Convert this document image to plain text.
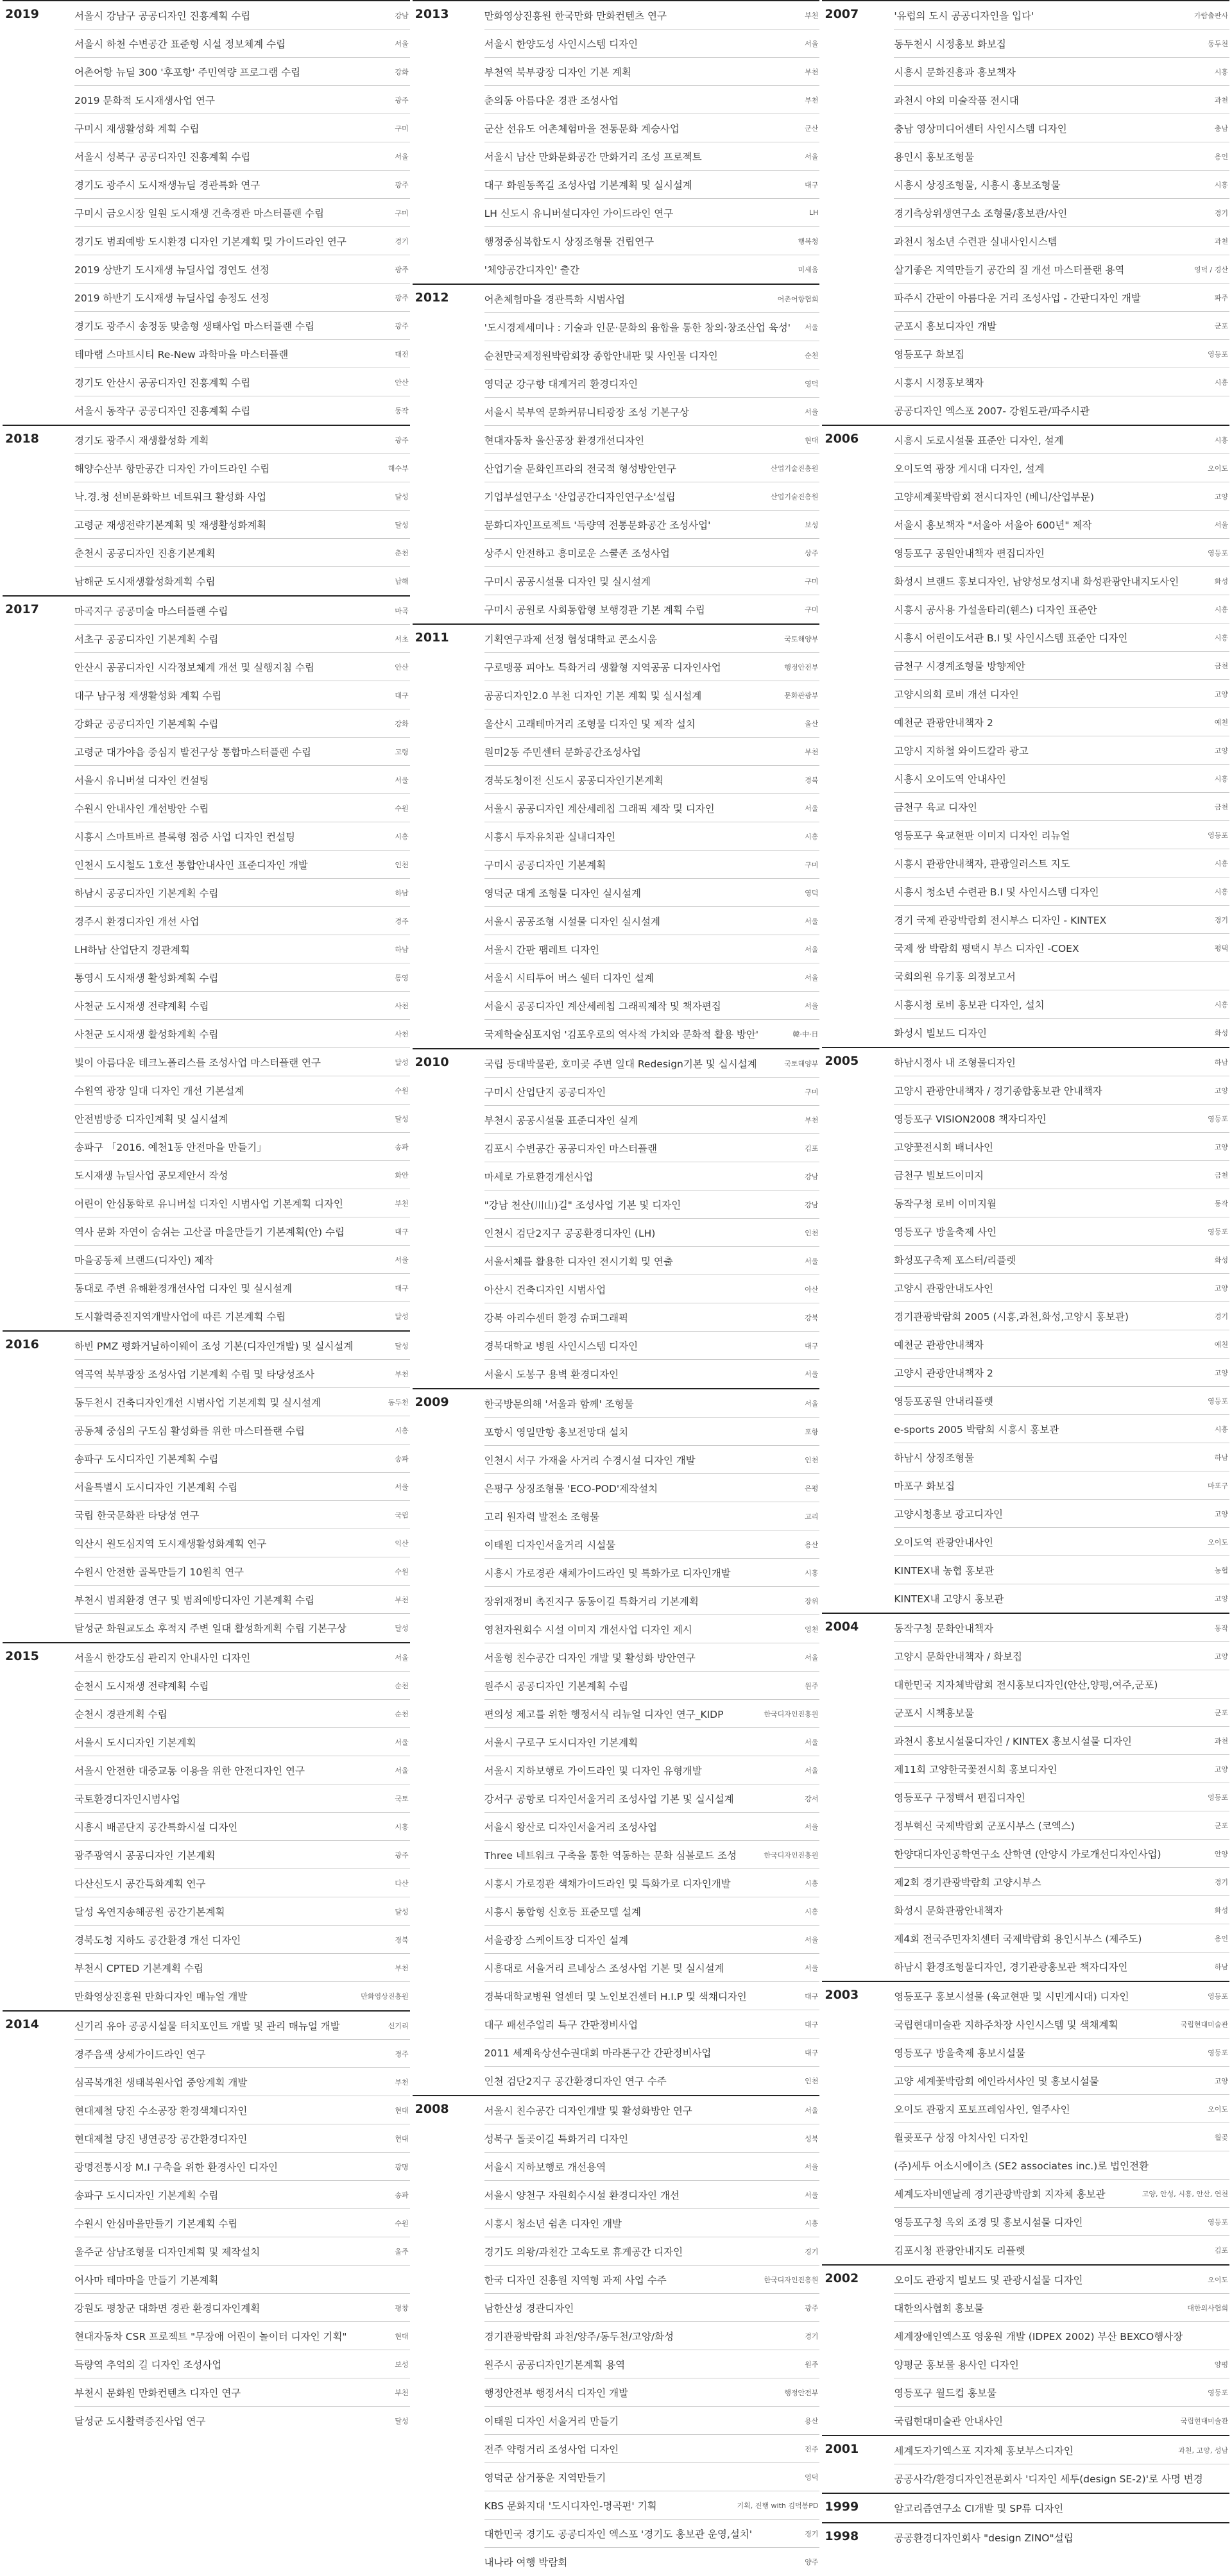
2019	서울시 강남구 공공디자인 진흥계획 수립	강남
서울시 하천 수변공간 표준형 시설 정보체계 수립	서울
어촌어항 뉴딜 300 '후포항' 주민역량 프로그램 수립	강화
2019 문화적 도시재생사업 연구	광주
구미시 재생활성화 계획 수립	구미
서울시 성북구 공공디자인 진흥계획 수립	서울
경기도 광주시 도시재생뉴딜 경관특화 연구	광주
구미시 금오시장 일원 도시재생 건축경관 마스터플랜 수립	구미
경기도 범죄예방 도시환경 디자인 기본계획 및 가이드라인 연구	경기
2019 상반기 도시재생 뉴딜사업 경연도 선정	광주
2019 하반기 도시재생 뉴딜사업 송정도 선정	광주
경기도 광주시 송정동 맞춤형 생태사업 마스터플랜 수립	광주
테마랩 스마트시티 Re-New 과학마을 마스터플랜	대전
경기도 안산시 공공디자인 진흥계획 수립	안산
서울시 동작구 공공디자인 진흥계획 수립	동작
2018	경기도 광주시 재생활성화 계획	광주
해양수산부 항만공간 디자인 가이드라인 수립	해수부
낙.경.청 선비문화학브 네트워크 활성화 사업	달성
고령군 재생전략기본계획 및 재생활성화계획	달성
춘천시 공공디자인 진흥기본계획	춘천
남해군 도시재생활성화계획 수립	남해
2017	마곡지구 공공미술 마스터플랜 수립	마곡
서초구 공공디자인 기본계획 수립	서초
안산시 공공디자인 시각정보체계 개선 및 실행지침 수립	안산
대구 남구청 재생활성화 계획 수립	대구
강화군 공공디자인 기본계획 수립	강화
고령군 대가야읍 중심지 발전구상 통합마스터플랜 수립	고령
서울시 유니버설 디자인 컨설팅	서울
수원시 안내사인 개선방안 수립	수원
시흥시 스마트바르 블록형 점증 사업 디자인 컨설팅	시흥
인천시 도시철도 1호선 통합안내사인 표준디자인 개발	인천
하남시 공공디자인 기본계획 수립	하남
경주시 환경디자인 개선 사업	경주
LH하남 산업단지 경관계획	하남
통영시 도시재생 활성화계획 수립	통영
사천군 도시재생 전략계획 수립	사천
사천군 도시재생 활성화계획 수립	사천
빛이 아름다운 테크노폴리스를 조성사업 마스터플랜 연구	달성
수원역 광장 일대 디자인 개선 기본설계	수원
안전범방중 디자인계획 및 실시설계	달성
송파구 「2016. 예천1동 안전마을 만들기」	송파
도시재생 뉴딜사업 공모제안서 작성	화안
어린이 안심통학로 유니버설 디자인 시범사업 기본계획 디자인	부천
역사 문화 자연이 숨쉬는 고산골 마을만들기 기본계획(안) 수립	대구
마을공동체 브랜드(디자인) 제작	서울
동대로 주변 유해환경개선사업 디자인 및 실시설계	대구
도시활력증진지역개발사업에 따른 기본계획 수립	달성
2016	하빈 PMZ 평화거닐하이웨이 조성 기본(디자인개발) 및 실시설계	달성
역곡역 북부광장 조성사업 기본계획 수립 및 타당성조사	부천
동두천시 건축디자인개선 시범사업 기본계획 및 실시설계	동두천
공동체 중심의 구도심 활성화를 위한 마스터플랜 수립	시흥
송파구 도시디자인 기본계획 수립	송파
서울특별시 도시디자인 기본계획 수립	서울
국립 한국문화관 타당성 연구	국립
익산시 원도심지역 도시재생활성화계획 연구	익산
수원시 안전한 골목만들기 10원칙 연구	수원
부천시 범죄환경 연구 및 범죄예방디자인 기본계획 수립	부천
달성군 화원교도소 후적지 주변 일대 활성화계획 수립 기본구상	달성
2015	서울시 한강도심 관리지 안내사인 디자인	서울
순천시 도시재생 전략계획 수립	순천
순천시 경관계획 수립	순천
서울시 도시디자인 기본계획	서울
서울시 안전한 대중교통 이용을 위한 안전디자인 연구	서울
국토환경디자인시범사업	국토
시흥시 배곧단지 공간특화시설 디자인	시흥
광주광역시 공공디자인 기본계획	광주
다산신도시 공간특화계획 연구	다산
달성 옥연지송해공원 공간기본계획	달성
경북도청 지하도 공간환경 개선 디자인	경북
부천시 CPTED 기본계획 수립	부천
만화영상진흥원 만화디자인 매뉴얼 개발	만화영상진흥원
2014	신기리 유아 공공시설물 터치포인트 개발 및 관리 매뉴얼 개발	신기리
경주음색 상세가이드라인 연구	경주
심곡복개천 생태복원사업 중앙계획 개발	부천
현대제철 당진 수소공장 환경색채디자인	현대
현대제철 당진 냉연공장 공간환경디자인	현대
광명전통시장 M.I 구축을 위한 환경사인 디자인	광명
송파구 도시디자인 기본계획 수립	송파
수원시 안심마을만들기 기본계획 수립	수원
울주군 삼남조형물 디자인계획 및 제작설치	울주
어사마 테마마을 만들기 기본계획
강원도 평창군 대화면 경관 환경디자인계획	평창
현대자동차 CSR 프로젝트 "무장애 어린이 놀이터 디자인 기획"	현대
득량역 추억의 길 디자인 조성사업	보성
부천시 문화원 만화컨텐츠 디자인 연구	부천
달성군 도시활력증진사업 연구	달성
2013	만화영상진흥원 한국만화 만화컨텐츠 연구	부천
서울시 한양도성 사인시스템 디자인	서울
부천역 북부광장 디자인 기본 계획	부천
춘의동 아름다운 경관 조성사업	부천
군산 선유도 어촌체험마을 전통문화 계승사업	군산
서울시 남산 만화문화공간 만화거리 조성 프로젝트	서울
대구 화원동쪽길 조성사업 기본계획 및 실시설계	대구
LH 신도시 유니버셜디자인 가이드라인 연구	LH
행정중심복합도시 상징조형물 건립연구	행복청
'체양공간디자인' 출간	미세움
2012	어촌체험마을 경관특화 시범사업	어촌어항협회
'도시경제세미나 : 기술과 인문·문화의 융합을 통한 창의·창조산업 육성'	서울
순천만국제정원박람회장 종합안내판 및 사인물 디자인	순천
영덕군 강구항 대게거리 환경디자인	영덕
서울시 북부역 문화커뮤니티광장 조성 기본구상	서울
현대자동차 울산공장 환경개선디자인	현대
산업기술 문화인프라의 전국적 형성방안연구	산업기술진흥원
기업부설연구소 '산업공간디자인연구소'설립	산업기술진흥원
문화디자인프로젝트 '득량역 전통문화공간 조성사업'	보성
상주시 안전하고 흥미로운 스쿨존 조성사업	상주
구미시 공공시설물 디자인 및 실시설계	구미
구미시 공원로 사회통합형 보행경관 기본 계획 수립	구미
2011	기획연구과제 선정 협성대학교 콘소시움	국토해양부
구로맹풍 피아노 특화거리 생활형 지역공공 디자인사업	행정안전부
공공디자인2.0 부천 디자인 기본 계획 및 실시설계	문화관광부
울산시 고래테마거리 조형물 디자인 및 제작 설치	울산
원미2동 주민센터 문화공간조성사업	부천
경북도청이전 신도시 공공디자인기본계획	경북
서울시 공공디자인 계산세레칩 그래픽 제작 및 디자인	서울
시흥시 투자유치관 실내디자인	시흥
구미시 공공디자인 기본계획	구미
영덕군 대게 조형물 디자인 실시설계	영덕
서울시 공공조형 시설물 디자인 실시설계	서울
서울시 간판 팸레트 디자인	서울
서울시 시티투어 버스 쉘터 디자인 설계	서울
서울시 공공디자인 계산세레칩 그래픽제작 및 책자편집	서울
국제학술심포지엄 '김포우로의 역사적 가치와 문화적 활용 방안'	韓·中·日
2010	국립 등대박물관, 호미곶 주변 일대 Redesign기본 및 실시설계	국토해양부
구미시 산업단지 공공디자인	구미
부천시 공공시설물 표준디자인 실계	부천
김포시 수변공간 공공디자인 마스터플랜	김포
마세로 가로환경개선사업	강남
"강남 천산(川山)길" 조성사업 기본 및 디자인	강남
인천시 검단2지구 공공환경디자인 (LH)	인천
서울서체를 활용한 디자인 전시기획 및 연출	서울
아산시 건축디자인 시범사업	아산
강북 아리수센터 환경 슈퍼그래픽	강북
경북대학교 병원 사인시스템 디자인	대구
서울시 도봉구 용벽 환경디자인	서울
2009	한국방문의해 '서울과 함께' 조형물	서울
포항시 영일만항 홍보전망대 설치	포항
인천시 서구 가재울 사거리 수경시설 디자인 개발	인천
은평구 상징조형물 'ECO-POD'제작설치	은평
고리 원자력 발전소 조형물	고리
이태원 디자인서울거리 시설물	용산
시흥시 가로경관 새체가이드라인 및 특화가로 디자인개발	시흥
장위재정비 촉진지구 동동이길 특화거리 기본계획	장위
영천자원회수 시설 이미지 개선사업 디자인 제시	영천
서울형 친수공간 디자인 개발 및 활성화 방안연구	서울
원주시 공공디자인 기본계획 수립	원주
편의성 제고를 위한 행정서식 리뉴얼 디자인 연구_KIDP	한국디자인진흥원
서울시 구로구 도시디자인 기본계획	서울
서울시 지하보행로 가이드라인 및 디자인 유형개발	서울
강서구 공항로 디자인서울거리 조성사업 기본 및 실시설계	강서
서울시 왕산로 디자인서울거리 조성사업	서울
Three 네트워크 구축을 통한 역동하는 문화 심볼로드 조성	한국디자인진흥원
시흥시 가로경관 색채가이드라인 및 특화가로 디자인개발	시흥
시흥시 통합형 신호등 표준모델 설계	시흥
서울광장 스케이트장 디자인 설계	서울
시흥대로 서울거리 르네상스 조성사업 기본 및 실시설계	서울
경북대학교병원 얼센터 및 노인보건센터 H.I.P 및 색채디자인	대구
대구 패션주얼리 특구 간판정비사업	대구
2011 세계육상선수권대회 마라톤구간 간판정비사업	대구
인천 검단2지구 공간환경디자인 연구 수주	인천
2008	서울시 친수공간 디자인개발 및 활성화방안 연구	서울
성북구 돌곶이길 특화거리 디자인	성북
서울시 지하보행로 개선용역	서울
서울시 양천구 자원회수시설 환경디자인 개선	서울
시흥시 청소년 쉼촌 디자인 개발	시흥
경기도 의왕/과천간 고속도로 휴게공간 디자인	경기
한국 디자인 진흥원 지역형 과제 사업 수주	한국디자인진흥원
남한산성 경관디자인	광주
경기관광박람회 과천/양주/동두천/고양/화성	경기
원주시 공공디자인기본계획 용역	원주
행정안전부 행정서식 디자인 개발	행정안전부
이태원 디자인 서울거리 만들기	용산
전주 약령거리 조성사업 디자인	전주
영덕군 삼거풍운 지역만들기	영덕
KBS 문화지대 '도시디자인-명곡편' 기획	기획, 진행 with 김덕봉PD
대한민국 경기도 공공디자인 엑스포 '경기도 홍보관 운영,설치'	경기
내나라 여행 박람회	양주
2007	'유럽의 도시 공공디자인을 입다'	가람출판사
동두천시 시정홍보 화보집	동두천
시흥시 문화진흥과 홍보책자	시흥
과천시 야외 미술작품 전시대	과천
충남 영상미디어센터 사인시스템 디자인	충남
용인시 홍보조형물	용인
시흥시 상징조형물, 시흥시 홍보조형물	시흥
경기측상위생연구소 조형물/홍보관/사인	경기
과천시 청소년 수련관 실내사인시스템	과천
살기좋은 지역만들기 공간의 질 개선 마스터플랜 용역	영덕 / 경산
파주시 간판이 아름다운 거리 조성사업 - 간판디자인 개발	파주
군포시 홍보디자인 개발	군포
영등포구 화보집	영등포
시흥시 시정홍보책자	시흥
공공디자인 엑스포 2007- 강원도관/파주시관
2006	시흥시 도로시설물 표준안 디자인, 설계	시흥
오이도역 광장 게시대 디자인, 설계	오이도
고양세계꽃박람회 전시디자인 (베니/산업부문)	고양
서울시 홍보책자 "서울아 서울아 600년" 제작	서울
영등포구 공원안내책자 편집디자인	영등포
화성시 브랜드 홍보디자인, 남양성모성지내 화성관광안내지도사인	화성
시흥시 공사용 가설울타리(휀스) 디자인 표준안	시흥
시흥시 어린이도서관 B.I 및 사인시스템 표준안 디자인	시흥
금천구 시경계조형물 방향제안	금천
고양시의회 로비 개선 디자인	고양
예천군 관광안내책자 2	예천
고양시 지하철 와이드칼라 광고	고양
시흥시 오이도역 안내사인	시흥
금천구 육교 디자인	금천
영등포구 육교현판 이미지 디자인 리뉴얼	영등포
시흥시 관광안내책자, 관광일러스트 지도	시흥
시흥시 청소년 수련관 B.I 및 사인시스템 디자인	시흥
경기 국제 관광박람회 전시부스 디자인 - KINTEX	경기
국제 쌍 박람회 평택시 부스 디자인 -COEX	평택
국회의원 유기홍 의정보고서
시흥시청 로비 홍보관 디자인, 설치	시흥
화성시 빌보드 디자인	화성
2005	하남시정사 내 조형물디자인	하남
고양시 관광안내책자 / 경기종합홍보관 안내책자	고양
영등포구 VISION2008 책자디자인	영등포
고양꽃전시회 배너사인	고양
금천구 빌보드이미지	금천
동작구청 로비 이미지월	동작
영등포구 방울축제 사인	영등포
화성포구축제 포스터/리플렛	화성
고양시 관광안내도사인	고양
경기관광박람회 2005 (시흥,과천,화성,고양시 홍보관)	경기
예천군 관광안내책자	예천
고양시 관광안내책자 2	고양
영등포공원 안내리플렛	영등포
e-sports 2005 박람회 시흥시 홍보관	시흥
하남시 상징조형물	하남
마포구 화보집	마포구
고양시청홍보 광고디자인	고양
오이도역 관광안내사인	오이도
KINTEX내 농협 홍보관	농협
KINTEX내 고양시 홍보관	고양
2004	동작구청 문화안내책자	동작
고양시 문화안내책자 / 화보집	고양
대한민국 지자체박람회 전시홍보디자인(안산,양평,여주,군포)
군포시 시책홍보물	군포
과천시 홍보시설물디자인 / KINTEX 홍보시설물 디자인	과천
제11회 고양한국꽃전시회 홍보디자인	고양
영등포구 구정백서 편집디자인	영등포
정부혁신 국제박람회 군포시부스 (코엑스)	군포
한양대디자인공학연구소 산학연 (안양시 가로개선디자인사업)	안양
제2회 경기관광박람회 고양시부스	경기
화성시 문화관광안내책자	화성
제4회 전국주민자치센터 국제박람회 용인시부스 (제주도)	용인
하남시 환경조형물디자인, 경기관광홍보관 책자디자인	하남
2003	영등포구 홍보시설물 (육교현판 및 시민게시대) 디자인	영등포
국립현대미술관 지하주차장 사인시스템 및 색채계획	국립현대미술관
영등포구 방울축제 홍보시설물	영등포
고양 세계꽃박람회 에인라서사인 및 홍보시설물	고양
오이도 관광지 포토프레임사인, 열주사인	오이도
월곶포구 상징 아치사인 디자인	월곶
(주)세투 어소시에이츠 (SE2 associates inc.)로 법인전환
세계도자비엔날레 경기관광박람회 지자체 홍보관	고양, 안성, 시흥, 안산, 연천
영등포구청 옥외 조경 및 홍보시설물 디자인	영등포
김포시청 관광안내지도 리플렛	김포
2002	오이도 관광지 빌보드 및 관광시설물 디자인	오이도
대한의사협회 홍보물	대한의사협회
세계장애인엑스포 영웅원 개발 (IDPEX 2002) 부산 BEXCO행사장
양평군 홍보물 용사인 디자인	양평
영등포구 월드컵 홍보물	영등포
국립현대미술관 안내사인	국립현대미술관
2001	세계도자기엑스포 지자체 홍보부스디자인	과천, 고양, 성남
공공사각/환경디자인전문회사 '디자인 세투(design SE-2)'로 사명 변경
1999	알고리즘연구소 CI개발 및 SP류 디자인
1998	공공환경디자인회사 "design ZINO"설립
